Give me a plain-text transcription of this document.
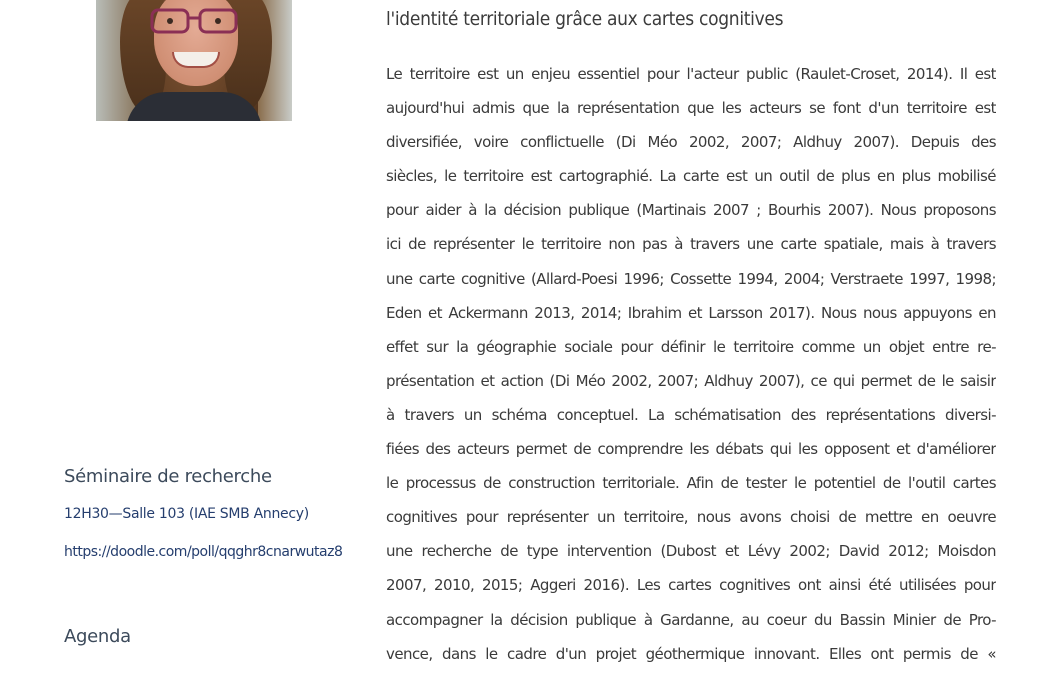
l'identité territoriale grâce aux cartes cognitives
Le territoire est un enjeu essentiel pour l'acteur public (Raulet-Croset, 2014). Il est
aujourd'hui admis que la représentation que les acteurs se font d'un territoire est
diversifiée, voire conflictuelle (Di Méo 2002, 2007; Aldhuy 2007). Depuis des
siècles, le territoire est cartographié. La carte est un outil de plus en plus mobilisé
pour aider à la décision publique (Martinais 2007 ; Bourhis 2007). Nous proposons
ici de représenter le territoire non pas à travers une carte spatiale, mais à travers
une carte cognitive (Allard-Poesi 1996; Cossette 1994, 2004; Verstraete 1997, 1998;
Eden et Ackermann 2013, 2014; Ibrahim et Larsson 2017). Nous nous appuyons en
effet sur la géographie sociale pour définir le territoire comme un objet entre re-
présentation et action (Di Méo 2002, 2007; Aldhuy 2007), ce qui permet de le saisir
à travers un schéma conceptuel. La schématisation des représentations diversi-
fiées des acteurs permet de comprendre les débats qui les opposent et d'améliorer
le processus de construction territoriale. Afin de tester le potentiel de l'outil cartes
cognitives pour représenter un territoire, nous avons choisi de mettre en oeuvre
une recherche de type intervention (Dubost et Lévy 2002; David 2012; Moisdon
2007, 2010, 2015; Aggeri 2016). Les cartes cognitives ont ainsi été utilisées pour
accompagner la décision publique à Gardanne, au coeur du Bassin Minier de Pro-
vence, dans le cadre d'un projet géothermique innovant. Elles ont permis de «
Séminaire de recherche
12H30—Salle 103 (IAE SMB Annecy)
https://doodle.com/poll/qqghr8cnarwutaz8
Agenda
